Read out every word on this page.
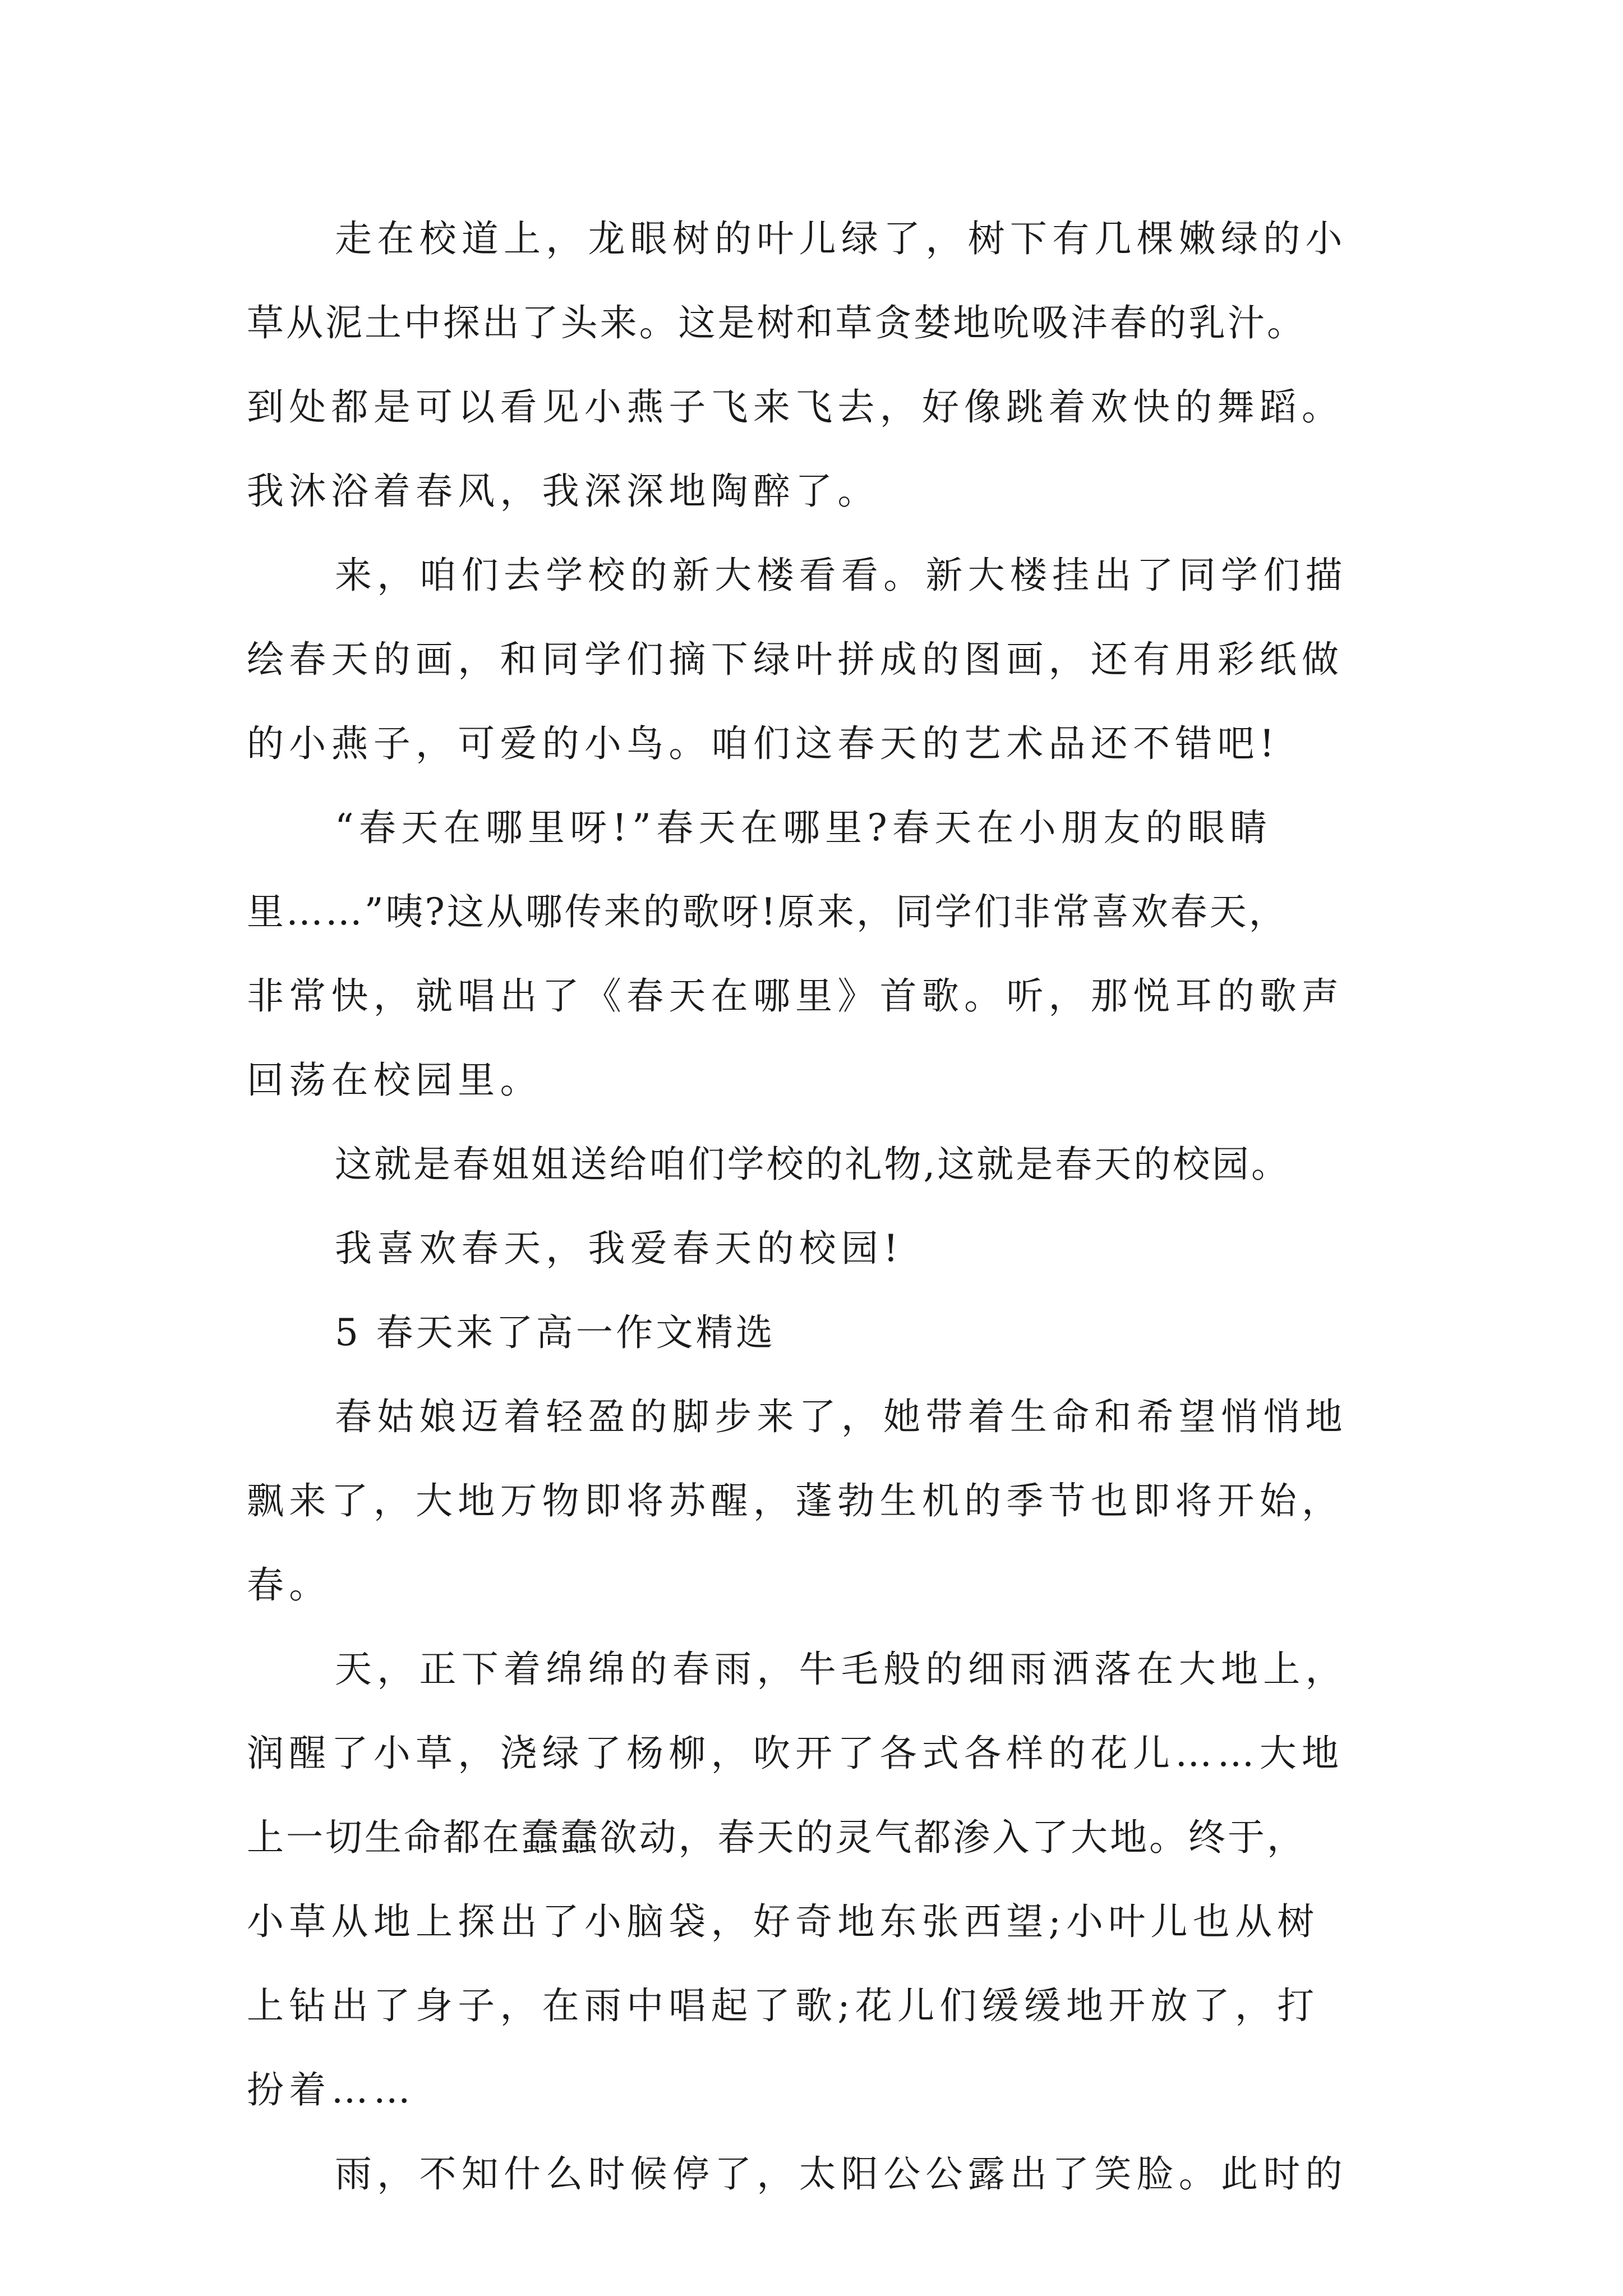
走在校道上，龙眼树的叶儿绿了，树下有几棵嫩绿的小

草从泥土中探出了头来。这是树和草贪婪地吮吸沣春的乳汁。

到处都是可以看见小燕子飞来飞去，好像跳着欢快的舞蹈。

我沐浴着春风，我深深地陶醉了。

来，咱们去学校的新大楼看看。新大楼挂出了同学们描

绘春天的画，和同学们摘下绿叶拼成的图画，还有用彩纸做

的小燕子，可爱的小鸟。咱们这春天的艺术品还不错吧!

“春天在哪里呀!”春天在哪里?春天在小朋友的眼睛

里……”咦?这从哪传来的歌呀!原来，同学们非常喜欢春天，

非常快，就唱出了《春天在哪里》首歌。听，那悦耳的歌声

回荡在校园里。

这就是春姐姐送给咱们学校的礼物,这就是春天的校园。

我喜欢春天，我爱春天的校园!

5 春天来了高一作文精选

春姑娘迈着轻盈的脚步来了，她带着生命和希望悄悄地

飘来了，大地万物即将苏醒，蓬勃生机的季节也即将开始，

春。

天，正下着绵绵的春雨，牛毛般的细雨洒落在大地上，

润醒了小草，浇绿了杨柳，吹开了各式各样的花儿……大地

上一切生命都在蠢蠢欲动，春天的灵气都渗入了大地。终于，

小草从地上探出了小脑袋，好奇地东张西望;小叶儿也从树

上钻出了身子，在雨中唱起了歌;花儿们缓缓地开放了，打

扮着……

雨，不知什么时候停了，太阳公公露出了笑脸。此时的
